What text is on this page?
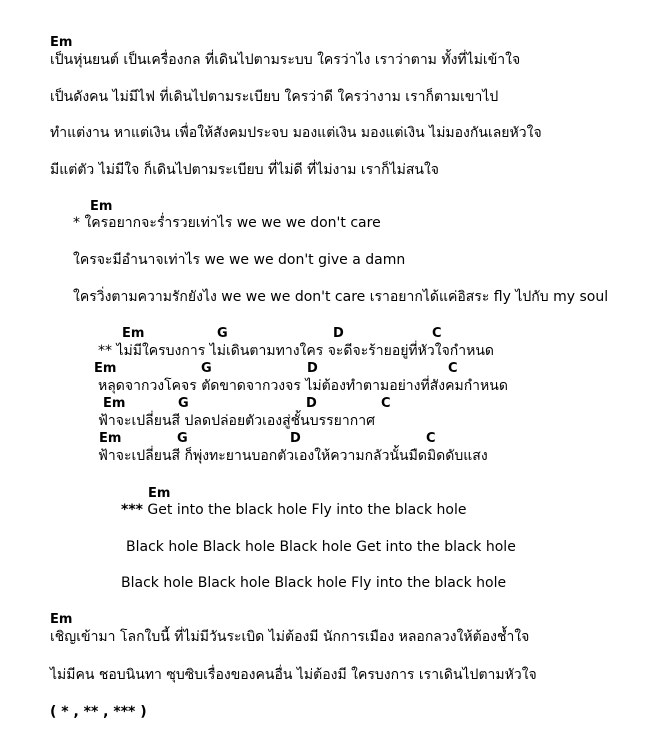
Em
เป็นหุ่นยนต์ เป็นเครื่องกล ที่เดินไปตามระบบ ใครว่าไง เราว่าตาม ทั้งที่ไม่เข้าใจ
เป็นดังคน ไม่มีไฟ ที่เดินไปตามระเบียบ ใครว่าดี ใครว่างาม เราก็ตามเขาไป
ทำแต่งาน หาแต่เงิน เพื่อให้สังคมประจบ มองแต่เงิน มองแต่เงิน ไม่มองกันเลยหัวใจ
มีแต่ตัว ไม่มีใจ ก็เดินไปตามระเบียบ ที่ไม่ดี ที่ไม่งาม เราก็ไม่สนใจ
Em
* ใครอยากจะร่ำรวยเท่าไร we we we don't care
ใครจะมีอำนาจเท่าไร we we we don't give a damn
ใครวิ่งตามความรักยังไง we we we don't care เราอยากได้แค่อิสระ fly ไปกับ my soul
Em	G	D	C
** ไม่มีใครบงการ ไม่เดินตามทางใคร จะดีจะร้ายอยู่ที่หัวใจกำหนด
Em	G	D	C
หลุดจากวงโคจร ตัดขาดจากวงจร ไม่ต้องทำตามอย่างที่สังคมกำหนด
Em	G	D	C
ฟ้าจะเปลี่ยนสี ปลดปล่อยตัวเองสู่ชั้นบรรยากาศ
Em	G	D	C
ฟ้าจะเปลี่ยนสี ก็พุ่งทะยานบอกตัวเองให้ความกลัวนั้นมืดมิดดับแสง
Em
*** Get into the black hole Fly into the black hole
Black hole Black hole Black hole Get into the black hole
Black hole Black hole Black hole Fly into the black hole
Em
เชิญเข้ามา โลกใบนี้ ที่ไม่มีวันระเบิด ไม่ต้องมี นักการเมือง หลอกลวงให้ต้องช้ำใจ
ไม่มีคน ชอบนินทา ซุบซิบเรื่องของคนอื่น ไม่ต้องมี ใครบงการ เราเดินไปตามหัวใจ
( * , ** , *** )
